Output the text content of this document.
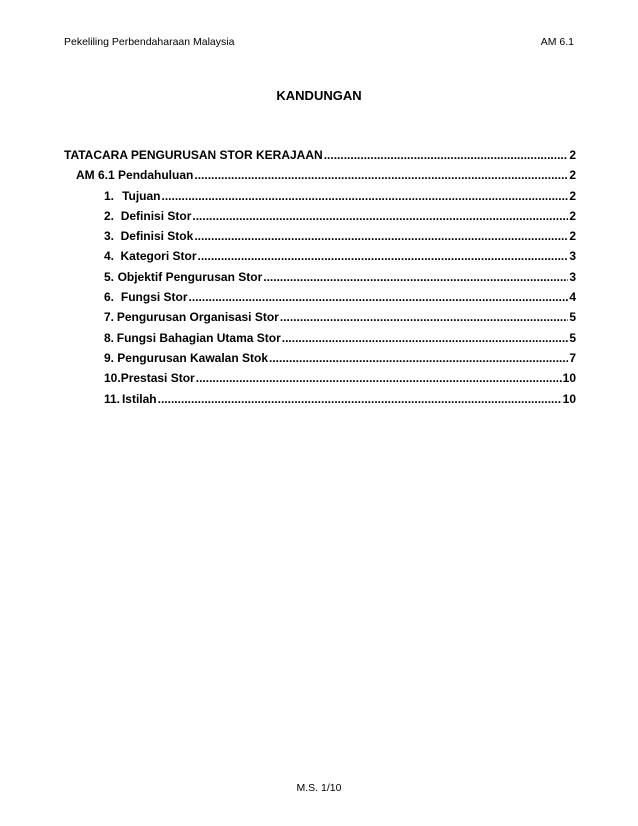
Pekeliling Perbendaharaan Malaysia	AM 6.1
KANDUNGAN
TATACARA PENGURUSAN STOR KERAJAAN .....	2
AM 6.1 Pendahuluan .....	2
1. Tujuan .....	2
2. Definisi Stor .....	2
3. Definisi Stok .....	2
4. Kategori Stor .....	3
5. Objektif Pengurusan Stor .....	3
6. Fungsi Stor .....	4
7. Pengurusan Organisasi Stor .....	5
8. Fungsi Bahagian Utama Stor .....	5
9. Pengurusan Kawalan Stok .....	7
10. Prestasi Stor .....	10
11. Istilah .....	10
M.S. 1/10
